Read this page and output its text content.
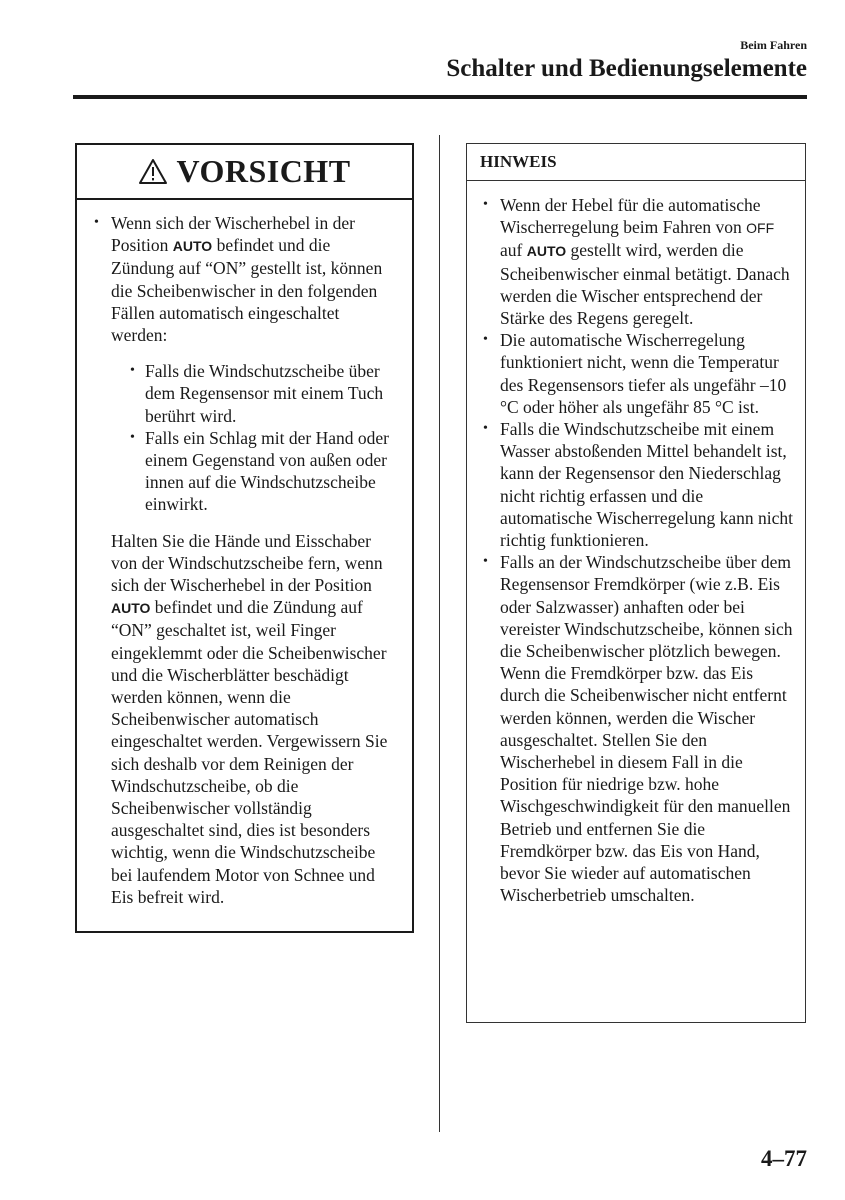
Beim Fahren
Schalter und Bedienungselemente
VORSICHT
• Wenn sich der Wischerhebel in der Position AUTO befindet und die Zündung auf “ON” gestellt ist, können die Scheibenwischer in den folgenden Fällen automatisch eingeschaltet werden:
• Falls die Windschutzscheibe über dem Regensensor mit einem Tuch berührt wird.
• Falls ein Schlag mit der Hand oder einem Gegenstand von außen oder innen auf die Windschutzscheibe einwirkt.
Halten Sie die Hände und Eisschaber von der Windschutzscheibe fern, wenn sich der Wischerhebel in der Position AUTO befindet und die Zündung auf “ON” geschaltet ist, weil Finger eingeklemmt oder die Scheibenwischer und die Wischerblätter beschädigt werden können, wenn die Scheibenwischer automatisch eingeschaltet werden. Vergewissern Sie sich deshalb vor dem Reinigen der Windschutzscheibe, ob die Scheibenwischer vollständig ausgeschaltet sind, dies ist besonders wichtig, wenn die Windschutzscheibe bei laufendem Motor von Schnee und Eis befreit wird.
HINWEIS
• Wenn der Hebel für die automatische Wischerregelung beim Fahren von OFF auf AUTO gestellt wird, werden die Scheibenwischer einmal betätigt. Danach werden die Wischer entsprechend der Stärke des Regens geregelt.
• Die automatische Wischerregelung funktioniert nicht, wenn die Temperatur des Regensensors tiefer als ungefähr –10 °C oder höher als ungefähr 85 °C ist.
• Falls die Windschutzscheibe mit einem Wasser abstoßenden Mittel behandelt ist, kann der Regensensor den Niederschlag nicht richtig erfassen und die automatische Wischerregelung kann nicht richtig funktionieren.
• Falls an der Windschutzscheibe über dem Regensensor Fremdkörper (wie z.B. Eis oder Salzwasser) anhaften oder bei vereister Windschutzscheibe, können sich die Scheibenwischer plötzlich bewegen. Wenn die Fremdkörper bzw. das Eis durch die Scheibenwischer nicht entfernt werden können, werden die Wischer ausgeschaltet. Stellen Sie den Wischerhebel in diesem Fall in die Position für niedrige bzw. hohe Wischgeschwindigkeit für den manuellen Betrieb und entfernen Sie die Fremdkörper bzw. das Eis von Hand, bevor Sie wieder auf automatischen Wischerbetrieb umschalten.
4–77
